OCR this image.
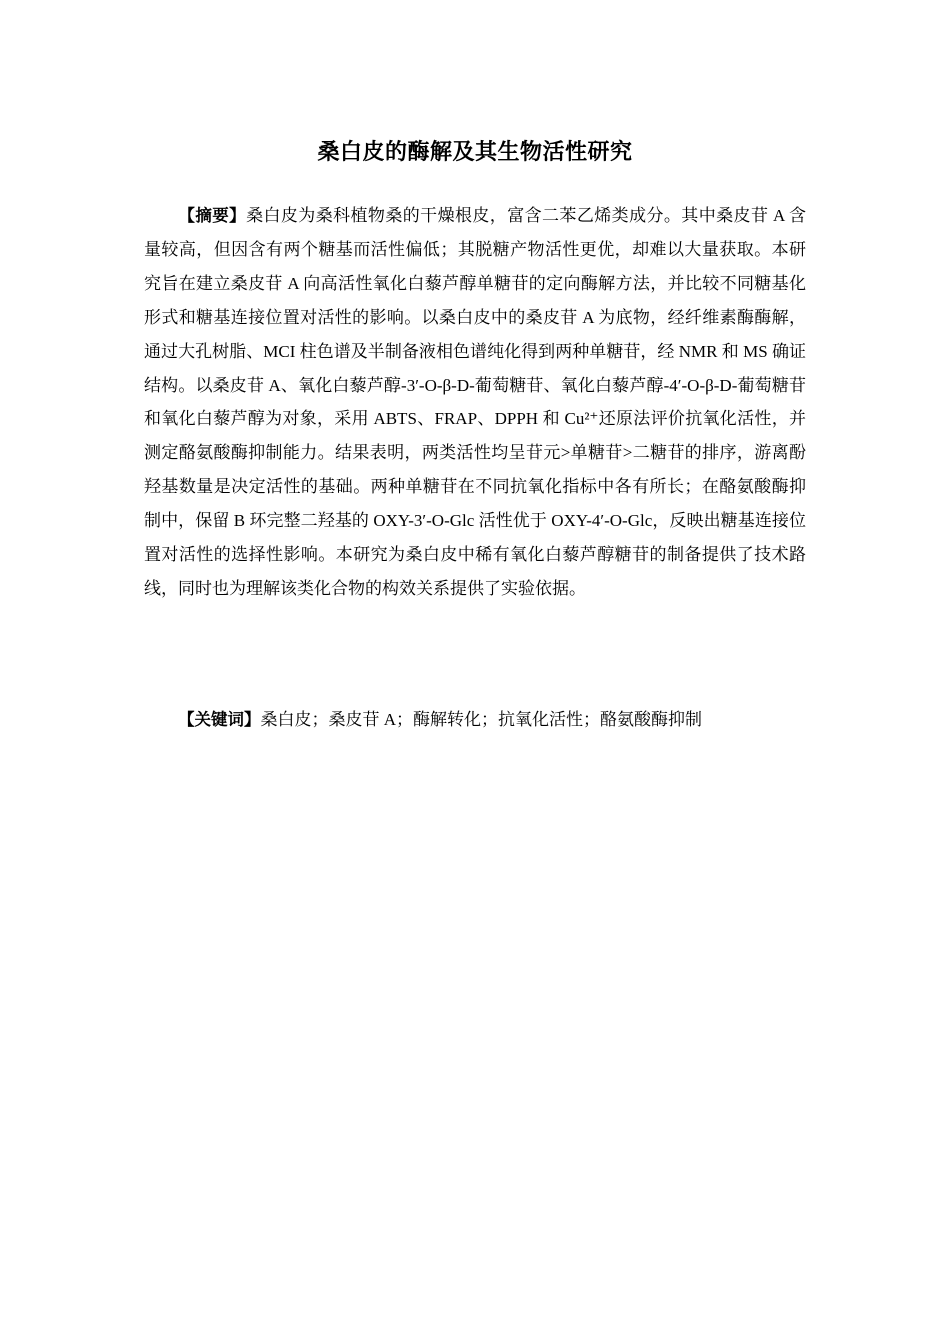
桑白皮的酶解及其生物活性研究

【摘要】桑白皮为桑科植物桑的干燥根皮，富含二苯乙烯类成分。其中桑皮苷 A 含量较高，但因含有两个糖基而活性偏低；其脱糖产物活性更优，却难以大量获取。本研究旨在建立桑皮苷 A 向高活性氧化白藜芦醇单糖苷的定向酶解方法，并比较不同糖基化形式和糖基连接位置对活性的影响。以桑白皮中的桑皮苷 A 为底物，经纤维素酶酶解，通过大孔树脂、MCI 柱色谱及半制备液相色谱纯化得到两种单糖苷，经 NMR 和 MS 确证结构。以桑皮苷 A、氧化白藜芦醇-3′-O-β-D-葡萄糖苷、氧化白藜芦醇-4′-O-β-D-葡萄糖苷和氧化白藜芦醇为对象，采用 ABTS、FRAP、DPPH 和 Cu²⁺还原法评价抗氧化活性，并测定酪氨酸酶抑制能力。结果表明，两类活性均呈苷元>单糖苷>二糖苷的排序，游离酚羟基数量是决定活性的基础。两种单糖苷在不同抗氧化指标中各有所长；在酪氨酸酶抑制中，保留 B 环完整二羟基的 OXY-3′-O-Glc 活性优于 OXY-4′-O-Glc，反映出糖基连接位置对活性的选择性影响。本研究为桑白皮中稀有氧化白藜芦醇糖苷的制备提供了技术路线，同时也为理解该类化合物的构效关系提供了实验依据。

【关键词】桑白皮；桑皮苷 A；酶解转化；抗氧化活性；酪氨酸酶抑制
